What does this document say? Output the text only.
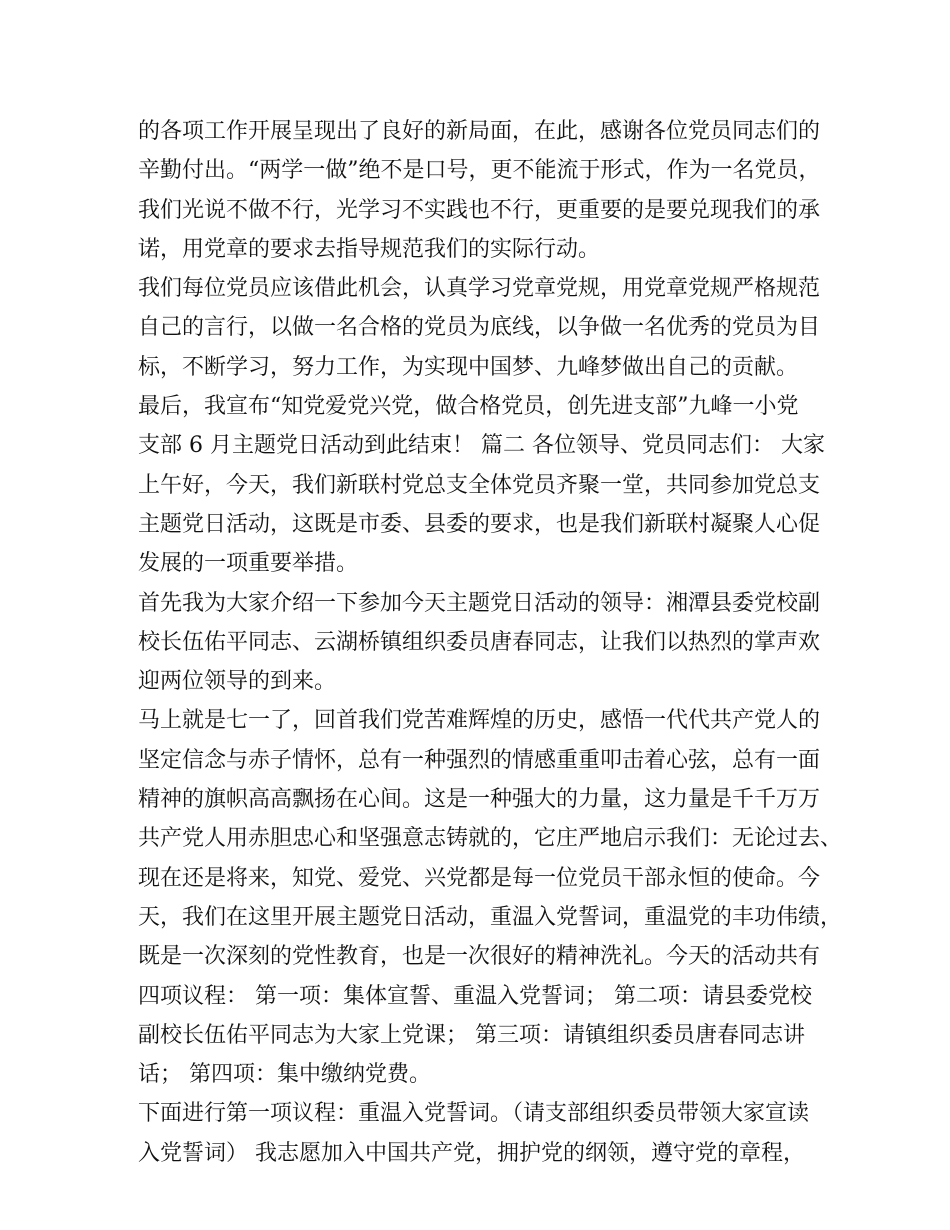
的各项工作开展呈现出了良好的新局面，在此，感谢各位党员同志们的
辛勤付出。“两学一做”绝不是口号，更不能流于形式，作为一名党员，
我们光说不做不行，光学习不实践也不行，更重要的是要兑现我们的承
诺，用党章的要求去指导规范我们的实际行动。
我们每位党员应该借此机会，认真学习党章党规，用党章党规严格规范
自己的言行，以做一名合格的党员为底线，以争做一名优秀的党员为目
标，不断学习，努力工作，为实现中国梦、九峰梦做出自己的贡献。
最后，我宣布“知党爱党兴党，做合格党员，创先进支部”九峰一小党
支部 6 月主题党日活动到此结束！ 篇二 各位领导、党员同志们： 大家
上午好，今天，我们新联村党总支全体党员齐聚一堂，共同参加党总支
主题党日活动，这既是市委、县委的要求，也是我们新联村凝聚人心促
发展的一项重要举措。
首先我为大家介绍一下参加今天主题党日活动的领导：湘潭县委党校副
校长伍佑平同志、云湖桥镇组织委员唐春同志，让我们以热烈的掌声欢
迎两位领导的到来。
马上就是七一了，回首我们党苦难辉煌的历史，感悟一代代共产党人的
坚定信念与赤子情怀，总有一种强烈的情感重重叩击着心弦，总有一面
精神的旗帜高高飘扬在心间。这是一种强大的力量，这力量是千千万万
共产党人用赤胆忠心和坚强意志铸就的，它庄严地启示我们：无论过去、
现在还是将来，知党、爱党、兴党都是每一位党员干部永恒的使命。今
天，我们在这里开展主题党日活动，重温入党誓词，重温党的丰功伟绩，
既是一次深刻的党性教育，也是一次很好的精神洗礼。今天的活动共有
四项议程： 第一项：集体宣誓、重温入党誓词； 第二项：请县委党校
副校长伍佑平同志为大家上党课； 第三项：请镇组织委员唐春同志讲
话； 第四项：集中缴纳党费。
下面进行第一项议程：重温入党誓词。（请支部组织委员带领大家宣读
入党誓词） 我志愿加入中国共产党，拥护党的纲领，遵守党的章程，
